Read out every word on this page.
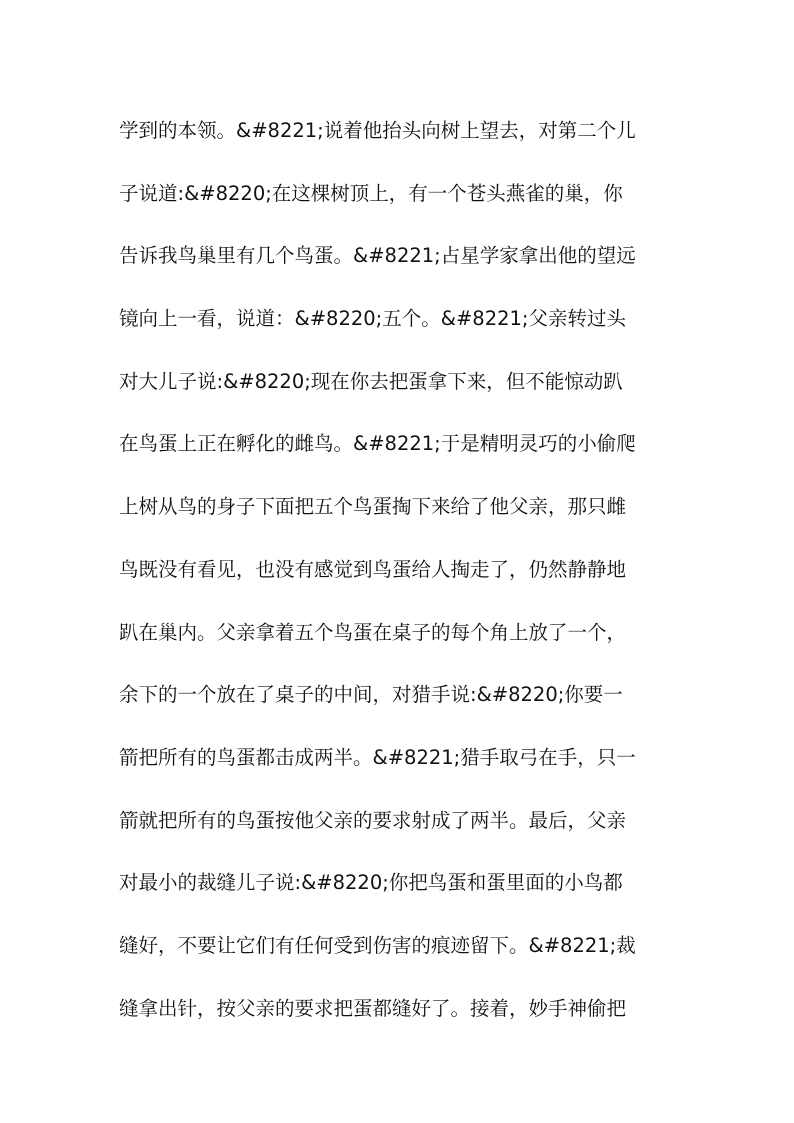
学到的本领。&#8221;说着他抬头向树上望去，对第二个儿
子说道:&#8220;在这棵树顶上，有一个苍头燕雀的巢，你
告诉我鸟巢里有几个鸟蛋。&#8221;占星学家拿出他的望远
镜向上一看，说道：&#8220;五个。&#8221;父亲转过头
对大儿子说:&#8220;现在你去把蛋拿下来，但不能惊动趴
在鸟蛋上正在孵化的雌鸟。&#8221;于是精明灵巧的小偷爬
上树从鸟的身子下面把五个鸟蛋掏下来给了他父亲，那只雌
鸟既没有看见，也没有感觉到鸟蛋给人掏走了，仍然静静地
趴在巢内。父亲拿着五个鸟蛋在桌子的每个角上放了一个，
余下的一个放在了桌子的中间，对猎手说:&#8220;你要一
箭把所有的鸟蛋都击成两半。&#8221;猎手取弓在手，只一
箭就把所有的鸟蛋按他父亲的要求射成了两半。最后，父亲
对最小的裁缝儿子说:&#8220;你把鸟蛋和蛋里面的小鸟都
缝好，不要让它们有任何受到伤害的痕迹留下。&#8221;裁
缝拿出针，按父亲的要求把蛋都缝好了。接着，妙手神偷把
